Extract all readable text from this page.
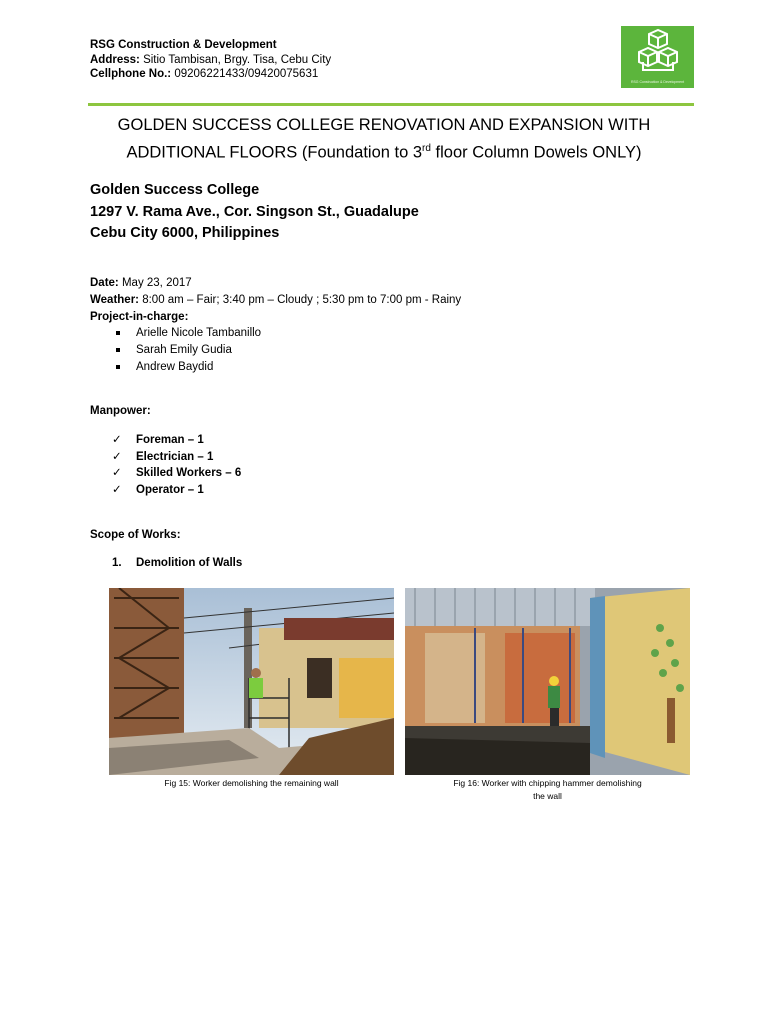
RSG Construction & Development
Address: Sitio Tambisan, Brgy. Tisa, Cebu City
Cellphone No.: 09206221433/09420075631
RSG Construction & Development
GOLDEN SUCCESS COLLEGE RENOVATION AND EXPANSION WITH
ADDITIONAL FLOORS (Foundation to 3rd floor Column Dowels ONLY)
Golden Success College
1297 V. Rama Ave., Cor. Singson St., Guadalupe
Cebu City 6000, Philippines
Date: May 23, 2017
Weather: 8:00 am – Fair; 3:40 pm – Cloudy ; 5:30 pm to 7:00 pm - Rainy
Project-in-charge:
Arielle Nicole Tambanillo
Sarah Emily Gudia
Andrew Baydid
Manpower:
✓ Foreman – 1
✓ Electrician – 1
✓ Skilled Workers – 6
✓ Operator – 1
Scope of Works:
1. Demolition of Walls
Fig 15: Worker demolishing the remaining wall	Fig 16: Worker with chipping hammer demolishing
the wall
